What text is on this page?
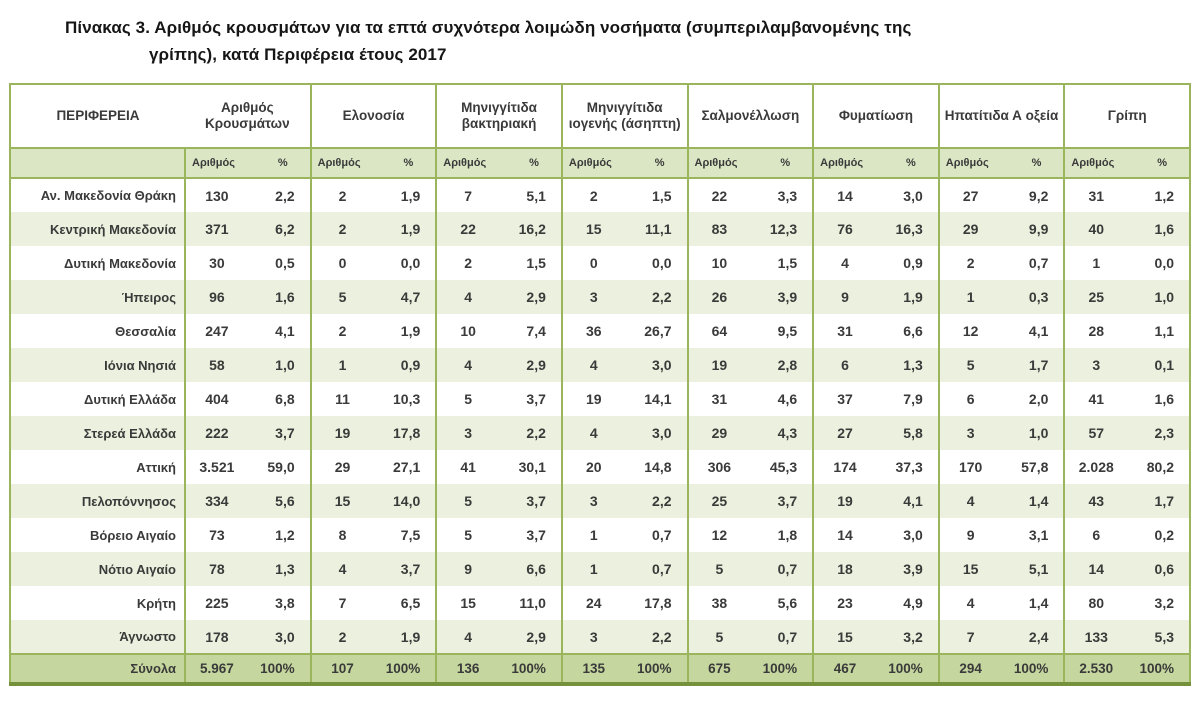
Πίνακας 3. Αριθμός κρουσμάτων για τα επτά συχνότερα λοιμώδη νοσήματα (συμπεριλαμβανομένης της
γρίπης), κατά Περιφέρεια έτους 2017
ΠΕΡΙΦΕΡΕΙΑ	Αριθμός Κρουσμάτων		Ελονοσία		Μηνιγγίτιδα βακτηριακή		Μηνιγγίτιδα ιογενής (άσηπτη)		Σαλμονέλλωση		Φυματίωση		Ηπατίτιδα Α οξεία		Γρίπη	
	Αριθμός	%	Αριθμός	%	Αριθμός	%	Αριθμός	%	Αριθμός	%	Αριθμός	%	Αριθμός	%	Αριθμός	%
Αν. Μακεδονία Θράκη	130	2,2	2	1,9	7	5,1	2	1,5	22	3,3	14	3,0	27	9,2	31	1,2
Κεντρική Μακεδονία	371	6,2	2	1,9	22	16,2	15	11,1	83	12,3	76	16,3	29	9,9	40	1,6
Δυτική Μακεδονία	30	0,5	0	0,0	2	1,5	0	0,0	10	1,5	4	0,9	2	0,7	1	0,0
Ήπειρος	96	1,6	5	4,7	4	2,9	3	2,2	26	3,9	9	1,9	1	0,3	25	1,0
Θεσσαλία	247	4,1	2	1,9	10	7,4	36	26,7	64	9,5	31	6,6	12	4,1	28	1,1
Ιόνια Νησιά	58	1,0	1	0,9	4	2,9	4	3,0	19	2,8	6	1,3	5	1,7	3	0,1
Δυτική Ελλάδα	404	6,8	11	10,3	5	3,7	19	14,1	31	4,6	37	7,9	6	2,0	41	1,6
Στερεά Ελλάδα	222	3,7	19	17,8	3	2,2	4	3,0	29	4,3	27	5,8	3	1,0	57	2,3
Αττική	3.521	59,0	29	27,1	41	30,1	20	14,8	306	45,3	174	37,3	170	57,8	2.028	80,2
Πελοπόννησος	334	5,6	15	14,0	5	3,7	3	2,2	25	3,7	19	4,1	4	1,4	43	1,7
Βόρειο Αιγαίο	73	1,2	8	7,5	5	3,7	1	0,7	12	1,8	14	3,0	9	3,1	6	0,2
Νότιο Αιγαίο	78	1,3	4	3,7	9	6,6	1	0,7	5	0,7	18	3,9	15	5,1	14	0,6
Κρήτη	225	3,8	7	6,5	15	11,0	24	17,8	38	5,6	23	4,9	4	1,4	80	3,2
Άγνωστο	178	3,0	2	1,9	4	2,9	3	2,2	5	0,7	15	3,2	7	2,4	133	5,3
Σύνολα	5.967	100%	107	100%	136	100%	135	100%	675	100%	467	100%	294	100%	2.530	100%
